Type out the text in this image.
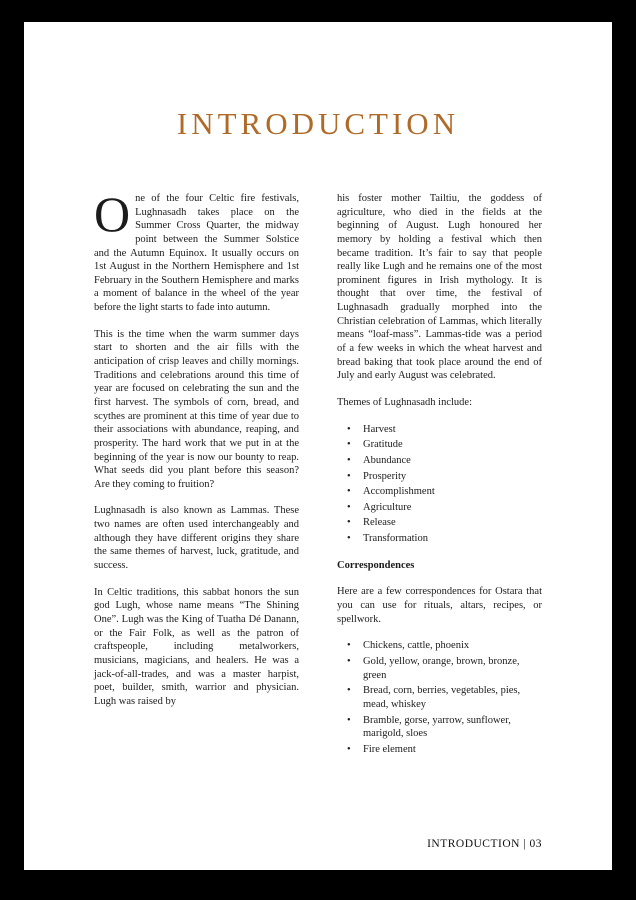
INTRODUCTION

One of the four Celtic fire festivals, Lughnasadh takes place on the Summer Cross Quarter, the midway point between the Summer Solstice and the Autumn Equinox. It usually occurs on 1st August in the Northern Hemisphere and 1st February in the Southern Hemisphere and marks a moment of balance in the wheel of the year before the light starts to fade into autumn.

This is the time when the warm summer days start to shorten and the air fills with the anticipation of crisp leaves and chilly mornings. Traditions and celebrations around this time of year are focused on celebrating the sun and the first harvest. The symbols of corn, bread, and scythes are prominent at this time of year due to their associations with abundance, reaping, and prosperity. The hard work that we put in at the beginning of the year is now our bounty to reap. What seeds did you plant before this season? Are they coming to fruition?

Lughnasadh is also known as Lammas. These two names are often used interchangeably and although they have different origins they share the same themes of harvest, luck, gratitude, and success.

In Celtic traditions, this sabbat honors the sun god Lugh, whose name means “The Shining One”. Lugh was the King of Tuatha Dé Danann, or the Fair Folk, as well as the patron of craftspeople, including metalworkers, musicians, magicians, and healers. He was a jack-of-all-trades, and was a master harpist, poet, builder, smith, warrior and physician. Lugh was raised by

his foster mother Tailtiu, the goddess of agriculture, who died in the fields at the beginning of August. Lugh honoured her memory by holding a festival which then became tradition. It’s fair to say that people really like Lugh and he remains one of the most prominent figures in Irish mythology. It is thought that over time, the festival of Lughnasadh gradually morphed into the Christian celebration of Lammas, which literally means “loaf-mass”. Lammas-tide was a period of a few weeks in which the wheat harvest and bread baking that took place around the end of July and early August was celebrated.

Themes of Lughnasadh include:

• Harvest
• Gratitude
• Abundance
• Prosperity
• Accomplishment
• Agriculture
• Release
• Transformation

Correspondences

Here are a few correspondences for Ostara that you can use for rituals, altars, recipes, or spellwork.

• Chickens, cattle, phoenix
• Gold, yellow, orange, brown, bronze, green
• Bread, corn, berries, vegetables, pies, mead, whiskey
• Bramble, gorse, yarrow, sunflower, marigold, sloes
• Fire element
INTRODUCTION | 03
